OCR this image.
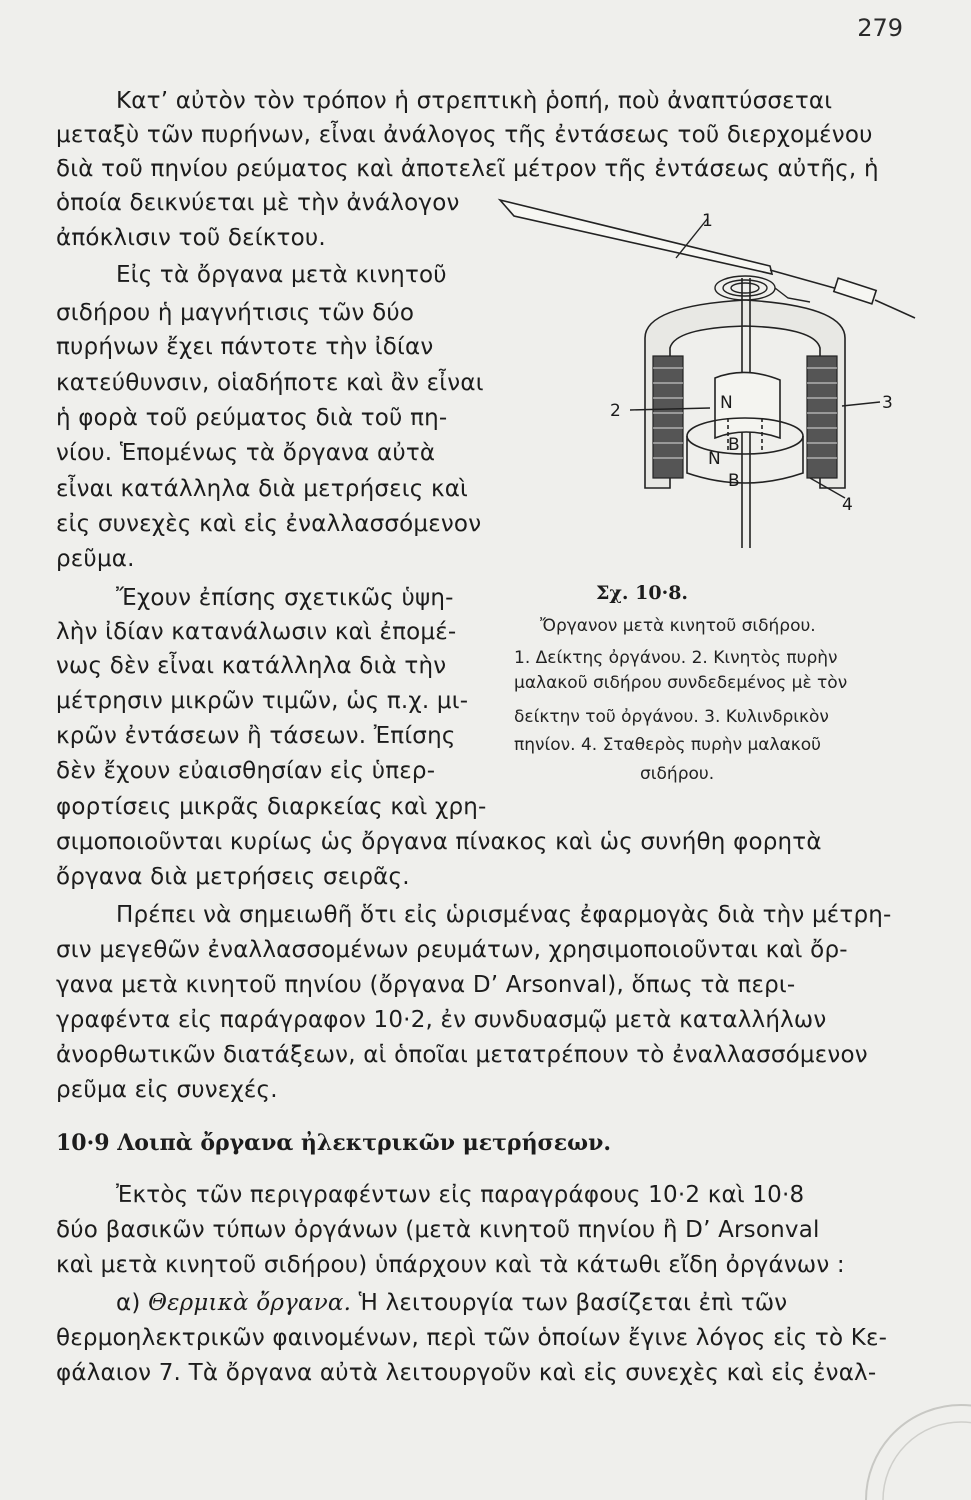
279
Κατ’ αὐτὸν τὸν τρόπον ἡ στρεπτικὴ ῥοπή, ποὺ ἀναπτύσσεται
μεταξὺ τῶν πυρήνων, εἶναι ἀνάλογος τῆς ἐντάσεως τοῦ διερχομένου
διὰ τοῦ πηνίου ρεύματος καὶ ἀποτελεῖ μέτρον τῆς ἐντάσεως αὐτῆς, ἡ
ὁποία δεικνύεται μὲ τὴν ἀνάλογον
ἀπόκλισιν τοῦ δείκτου.
Εἰς τὰ ὄργανα μετὰ κινητοῦ
σιδήρου ἡ μαγνήτισις τῶν δύο
πυρήνων ἔχει πάντοτε τὴν ἰδίαν
κατεύθυνσιν, οἱαδήποτε καὶ ἂν εἶναι
ἡ φορὰ τοῦ ρεύματος διὰ τοῦ πη-
νίου. Ἑπομένως τὰ ὄργανα αὐτὰ
εἶναι κατάλληλα διὰ μετρήσεις καὶ
εἰς συνεχὲς καὶ εἰς ἐναλλασσόμενον
ρεῦμα.
Ἔχουν ἐπίσης σχετικῶς ὑψη-
λὴν ἰδίαν κατανάλωσιν καὶ ἐπομέ-
νως δὲν εἶναι κατάλληλα διὰ τὴν
μέτρησιν μικρῶν τιμῶν, ὡς π.χ. μι-
κρῶν ἐντάσεων ἢ τάσεων. Ἐπίσης
δὲν ἔχουν εὐαισθησίαν εἰς ὑπερ-
φορτίσεις μικρᾶς διαρκείας καὶ χρη-
σιμοποιοῦνται κυρίως ὡς ὄργανα πίνακος καὶ ὡς συνήθη φορητὰ
ὄργανα διὰ μετρήσεις σειρᾶς.
Πρέπει νὰ σημειωθῆ ὅτι εἰς ὡρισμένας ἐφαρμογὰς διὰ τὴν μέτρη-
σιν μεγεθῶν ἐναλλασσομένων ρευμάτων, χρησιμοποιοῦνται καὶ ὄρ-
γανα μετὰ κινητοῦ πηνίου (ὄργανα D’ Arsonval), ὅπως τὰ περι-
γραφέντα εἰς παράγραφον 10·2, ἐν συνδυασμῷ μετὰ καταλλήλων
ἀνορθωτικῶν διατάξεων, αἱ ὁποῖαι μετατρέπουν τὸ ἐναλλασσόμενον
ρεῦμα εἰς συνεχές.
1
2	3
4
N
N
B
B
Σχ. 10·8.
Ὄργανον μετὰ κινητοῦ σιδήρου.
1. Δείκτης ὀργάνου. 2. Κινητὸς πυρὴν
μαλακοῦ σιδήρου συνδεδεμένος μὲ τὸν
δείκτην τοῦ ὀργάνου. 3. Κυλινδρικὸν
πηνίον. 4. Σταθερὸς πυρὴν μαλακοῦ
σιδήρου.
10·9 Λοιπὰ ὄργανα ἠλεκτρικῶν μετρήσεων.
Ἐκτὸς τῶν περιγραφέντων εἰς παραγράφους 10·2 καὶ 10·8
δύο βασικῶν τύπων ὀργάνων (μετὰ κινητοῦ πηνίου ἢ D’ Arsonval
καὶ μετὰ κινητοῦ σιδήρου) ὑπάρχουν καὶ τὰ κάτωθι εἴδη ὀργάνων :
α) Θερμικὰ ὄργανα. Ἡ λειτουργία των βασίζεται ἐπὶ τῶν
θερμοηλεκτρικῶν φαινομένων, περὶ τῶν ὁποίων ἔγινε λόγος εἰς τὸ Κε-
φάλαιον 7. Τὰ ὄργανα αὐτὰ λειτουργοῦν καὶ εἰς συνεχὲς καὶ εἰς ἐναλ-
